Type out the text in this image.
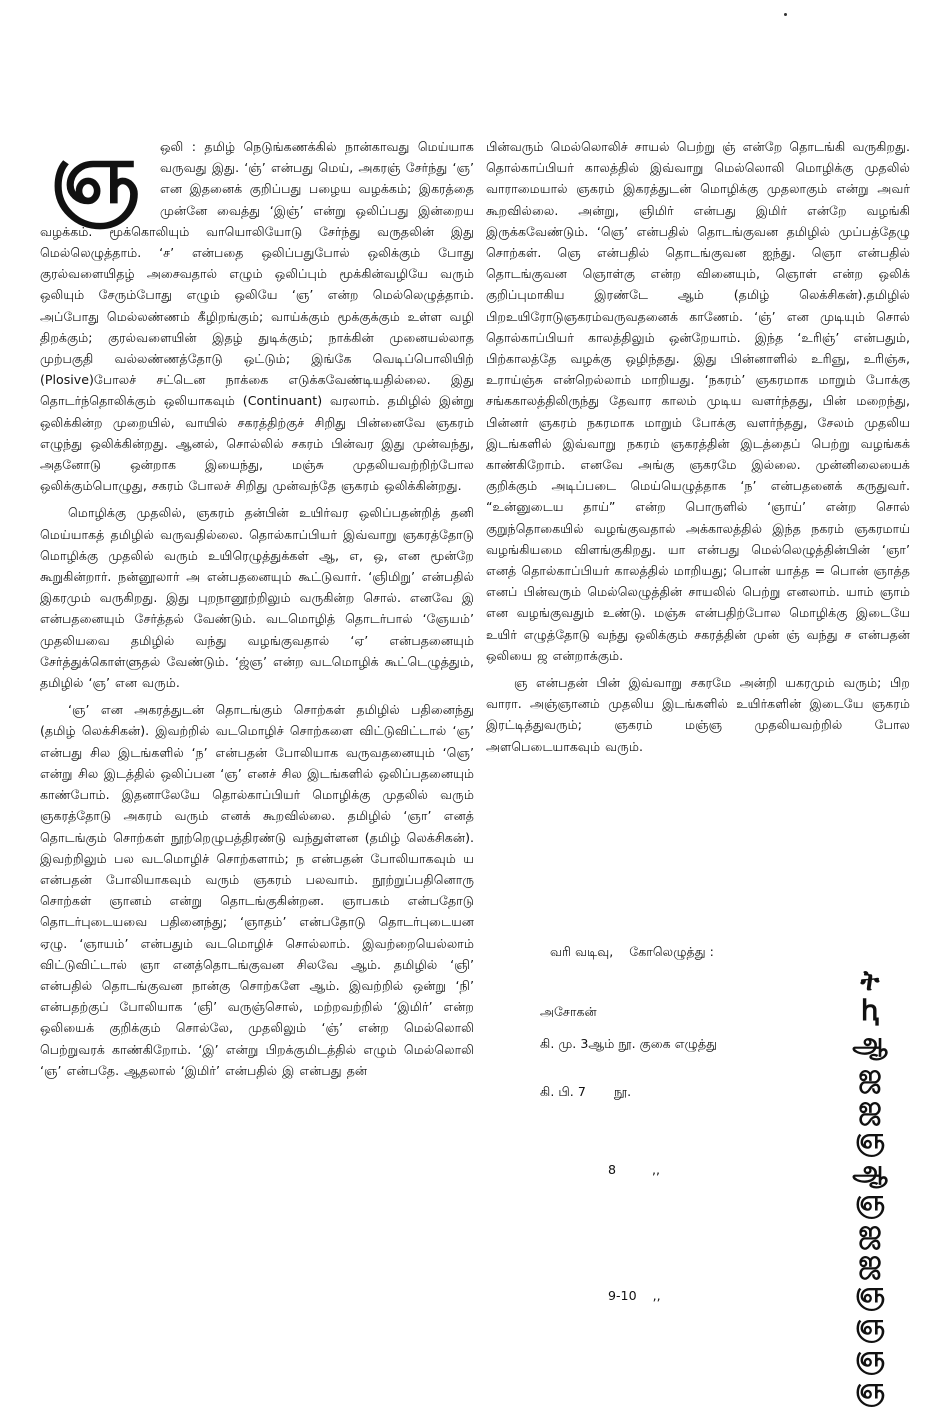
ஞ	ஒலி : தமிழ் நெடுங்கணக்கில் நான்காவது மெய்யாக வருவது இது. ‘ஞ்’ என்பது மெய், அகரஞ் சேர்ந்து ‘ஞ’ என இதனைக் குறிப்பது பழைய வழக்கம்; இகரத்தை முன்னே வைத்து ‘இஞ்’ என்று ஒலிப்பது இன்றைய வழக்கம். மூக்கொலியும் வாயொலியோடு சேர்ந்து வருதலின் இது மெல்லெழுத்தாம். ‘ச’ என்பதை ஒலிப்பதுபோல் ஒலிக்கும் போது குரல்வளையிதழ் அசைவதால் எழும் ஒலிப்பும் மூக்கின்வழியே வரும் ஒலியும் சேரும்போது எழும் ஒலியே ‘ஞ’ என்ற மெல்லெழுத்தாம். அப்போது மெல்லண்ணம் கீழிறங்கும்; வாய்க்கும் மூக்குக்கும் உள்ள வழி திறக்கும்; குரல்வளையின் இதழ் துடிக்கும்; நாக்கின் முனையல்லாத முற்பகுதி வல்லண்ணத்தோடு ஒட்டும்; இங்கே வெடிப்பொலியிற் (Plosive)போலச் சட்டென நாக்கை எடுக்கவேண்டியதில்லை. இது தொடர்ந்தொலிக்கும் ஒலியாகவும் (Continuant) வரலாம். தமிழில் இன்று ஒலிக்கின்ற முறையில், வாயில் சகரத்திற்குச் சிறிது பின்னைவே ஞகரம் எழுந்து ஒலிக்கின்றது. ஆனல், சொல்லில் சகரம் பின்வர இது முன்வந்து, அதனோடு ஒன்றாக இயைந்து, மஞ்சு முதலியவற்றிற்போல ஒலிக்கும்பொழுது, சகரம் போலச் சிறிது முன்வந்தே ஞகரம் ஒலிக்கின்றது.

மொழிக்கு முதலில், ஞகரம் தன்பின் உயிர்வர ஒலிப்பதன்றித் தனி மெய்யாகத் தமிழில் வருவதில்லை. தொல்காப்பியர் இவ்வாறு ஞகரத்தோடு மொழிக்கு முதலில் வரும் உயிரெழுத்துக்கள் ஆ, எ, ஒ, என மூன்றே கூறுகின்றார். நன்னூலார் அ என்பதனையும் கூட்டுவார். ‘ஞிமிறு’ என்பதில் இகரமும் வருகிறது. இது புறநானூற்றிலும் வருகின்ற சொல். எனவே இ என்பதனையும் சேர்த்தல் வேண்டும். வடமொழித் தொடர்பால் ‘ஞேயம்’ முதலியவை தமிழில் வந்து வழங்குவதால் ‘ஏ’ என்பதனையும் சேர்த்துக்கொள்ளுதல் வேண்டும். ‘ஜ்ஞ’ என்ற வடமொழிக் கூட்டெழுத்தும், தமிழில் ‘ஞ’ என வரும்.

‘ஞ’ என அகரத்துடன் தொடங்கும் சொற்கள் தமிழில் பதினைந்து (தமிழ் லெக்சிகன்). இவற்றில் வடமொழிச் சொற்களை விட்டுவிட்டால் ‘ஞ’ என்பது சில இடங்களில் ‘ந’ என்பதன் போலியாக வருவதனையும் ‘ஞெ’ என்று சில இடத்தில் ஒலிப்பன ‘ஞ’ எனச் சில இடங்களில் ஒலிப்பதனையும் காண்போம். இதனாலேயே தொல்காப்பியர் மொழிக்கு முதலில் வரும் ஞகரத்தோடு அகரம் வரும் எனக் கூறவில்லை. தமிழில் ‘ஞா’ எனத் தொடங்கும் சொற்கள் நூற்றெழுபத்திரண்டு வந்துள்ளன (தமிழ் லெக்சிகன்). இவற்றிலும் பல வடமொழிச் சொற்களாம்; ந என்பதன் போலியாகவும் ய என்பதன் போலியாகவும் வரும் ஞகரம் பலவாம். நூற்றுப்பதினொரு சொற்கள் ஞானம் என்று தொடங்குகின்றன. ஞாபகம் என்பதோடு தொடர்புடையவை பதினைந்து; ‘ஞாதம்’ என்பதோடு தொடர்புடையன ஏழு. ‘ஞாயம்’ என்பதும் வடமொழிச் சொல்லாம். இவற்றையெல்லாம் விட்டுவிட்டால் ஞா எனத்தொடங்குவன சிலவே ஆம். தமிழில் ‘ஞி’ என்பதில் தொடங்குவன நான்கு சொற்களே ஆம். இவற்றில் ஒன்று ‘நி’ என்பதற்குப் போலியாக ‘ஞி’ வருஞ்சொல், மற்றவற்றில் ‘இமிர்’ என்ற ஒலியைக் குறிக்கும் சொல்லே, முதலிலும் ‘ஞ்’ என்ற மெல்லொலி பெற்றுவரக் காண்கிறோம். ‘இ’ என்று பிறக்குமிடத்தில் எழும் மெல்லொலி ‘ஞ’ என்பதே. ஆதலால் ‘இமிர்’ என்பதில் இ என்பது தன்

பின்வரும் மெல்லொலிச் சாயல் பெற்று ஞ் என்றே தொடங்கி வருகிறது. தொல்காப்பியர் காலத்தில் இவ்வாறு மெல்லொலி மொழிக்கு முதலில் வாராமையால் ஞகரம் இகரத்துடன் மொழிக்கு முதலாகும் என்று அவர் கூறவில்லை. அன்று, ஞிமிர் என்பது இமிர் என்றே வழங்கி இருக்கவேண்டும். ‘ஞெ’ என்பதில் தொடங்குவன தமிழில் முப்பத்தேழு சொற்கள். ஞெ என்பதில் தொடங்குவன ஐந்து. ஞொ என்பதில் தொடங்குவன ஞொள்கு என்ற வினையும், ஞொள் என்ற ஒலிக் குறிப்புமாகிய இரண்டே ஆம் (தமிழ் லெக்சிகன்).தமிழில் பிறஉயிரோடுஞகரம்வருவதனைக் காணேம். ‘ஞ்’ என முடியும் சொல் தொல்காப்பியர் காலத்திலும் ஒன்றேயாம். இந்த ‘உரிஞ்’ என்பதும், பிற்காலத்தே வழக்கு ஒழிந்தது. இது பின்னாளில் உரிஞு, உரிஞ்சு, உராய்ஞ்சு என்றெல்லாம் மாறியது. ‘நகரம்’ ஞகரமாக மாறும் போக்கு சங்ககாலத்திலிருந்து தேவார காலம் முடிய வளர்ந்தது, பின் மறைந்து, பின்னர் ஞகரம் நகரமாக மாறும் போக்கு வளர்ந்தது, சேலம் முதலிய இடங்களில் இவ்வாறு நகரம் ஞகரத்தின் இடத்தைப் பெற்று வழங்கக் காண்கிறோம். எனவே அங்கு ஞகரமே இல்லை. முன்னிலையைக் குறிக்கும் அடிப்படை மெய்யெழுத்தாக ‘ந’ என்பதனைக் கருதுவர். “உன்னுடைய தாய்” என்ற பொருளில் ‘ஞாய்’ என்ற சொல் குறுந்தொகையில் வழங்குவதால் அக்காலத்தில் இந்த நகரம் ஞகரமாய் வழங்கியமை விளங்குகிறது. யா என்பது மெல்லெழுத்தின்பின் ‘ஞா’ எனத் தொல்காப்பியர் காலத்தில் மாறியது; பொன் யாத்த = பொன் ஞாத்த எனப் பின்வரும் மெல்லெழுத்தின் சாயலில் பெற்று எனலாம். யாம் ஞாம் என வழங்குவதும் உண்டு. மஞ்சு என்பதிற்போல மொழிக்கு இடையே உயிர் எழுத்தோடு வந்து ஒலிக்கும் சகரத்தின் முன் ஞ் வந்து ச என்பதன் ஒலியை ஜ என்றாக்கும்.

ஞ என்பதன் பின் இவ்வாறு சகரமே அன்றி யகரமும் வரும்; பிற வாரா. அஞ்ஞானம் முதலிய இடங்களில் உயிர்களின் இடையே ஞகரம் இரட்டித்துவரும்; ஞகரம் மஞ்ஞ முதலியவற்றில் போல அளபெடையாகவும் வரும்.

வரி வடிவு,    கோலெழுத்து :
அசோகன்
கி. மு. 3ஆம் நூ. குகை எழுத்து
கி. பி. 7       நூ.
8         ,,
9-10    ,,
ት
ԧ
ஆ
ஜ
ஜ
ஞ
ஆ
ஞ
ஜ
ஜ
ஞ
ஞ
ஞ
ஞ
